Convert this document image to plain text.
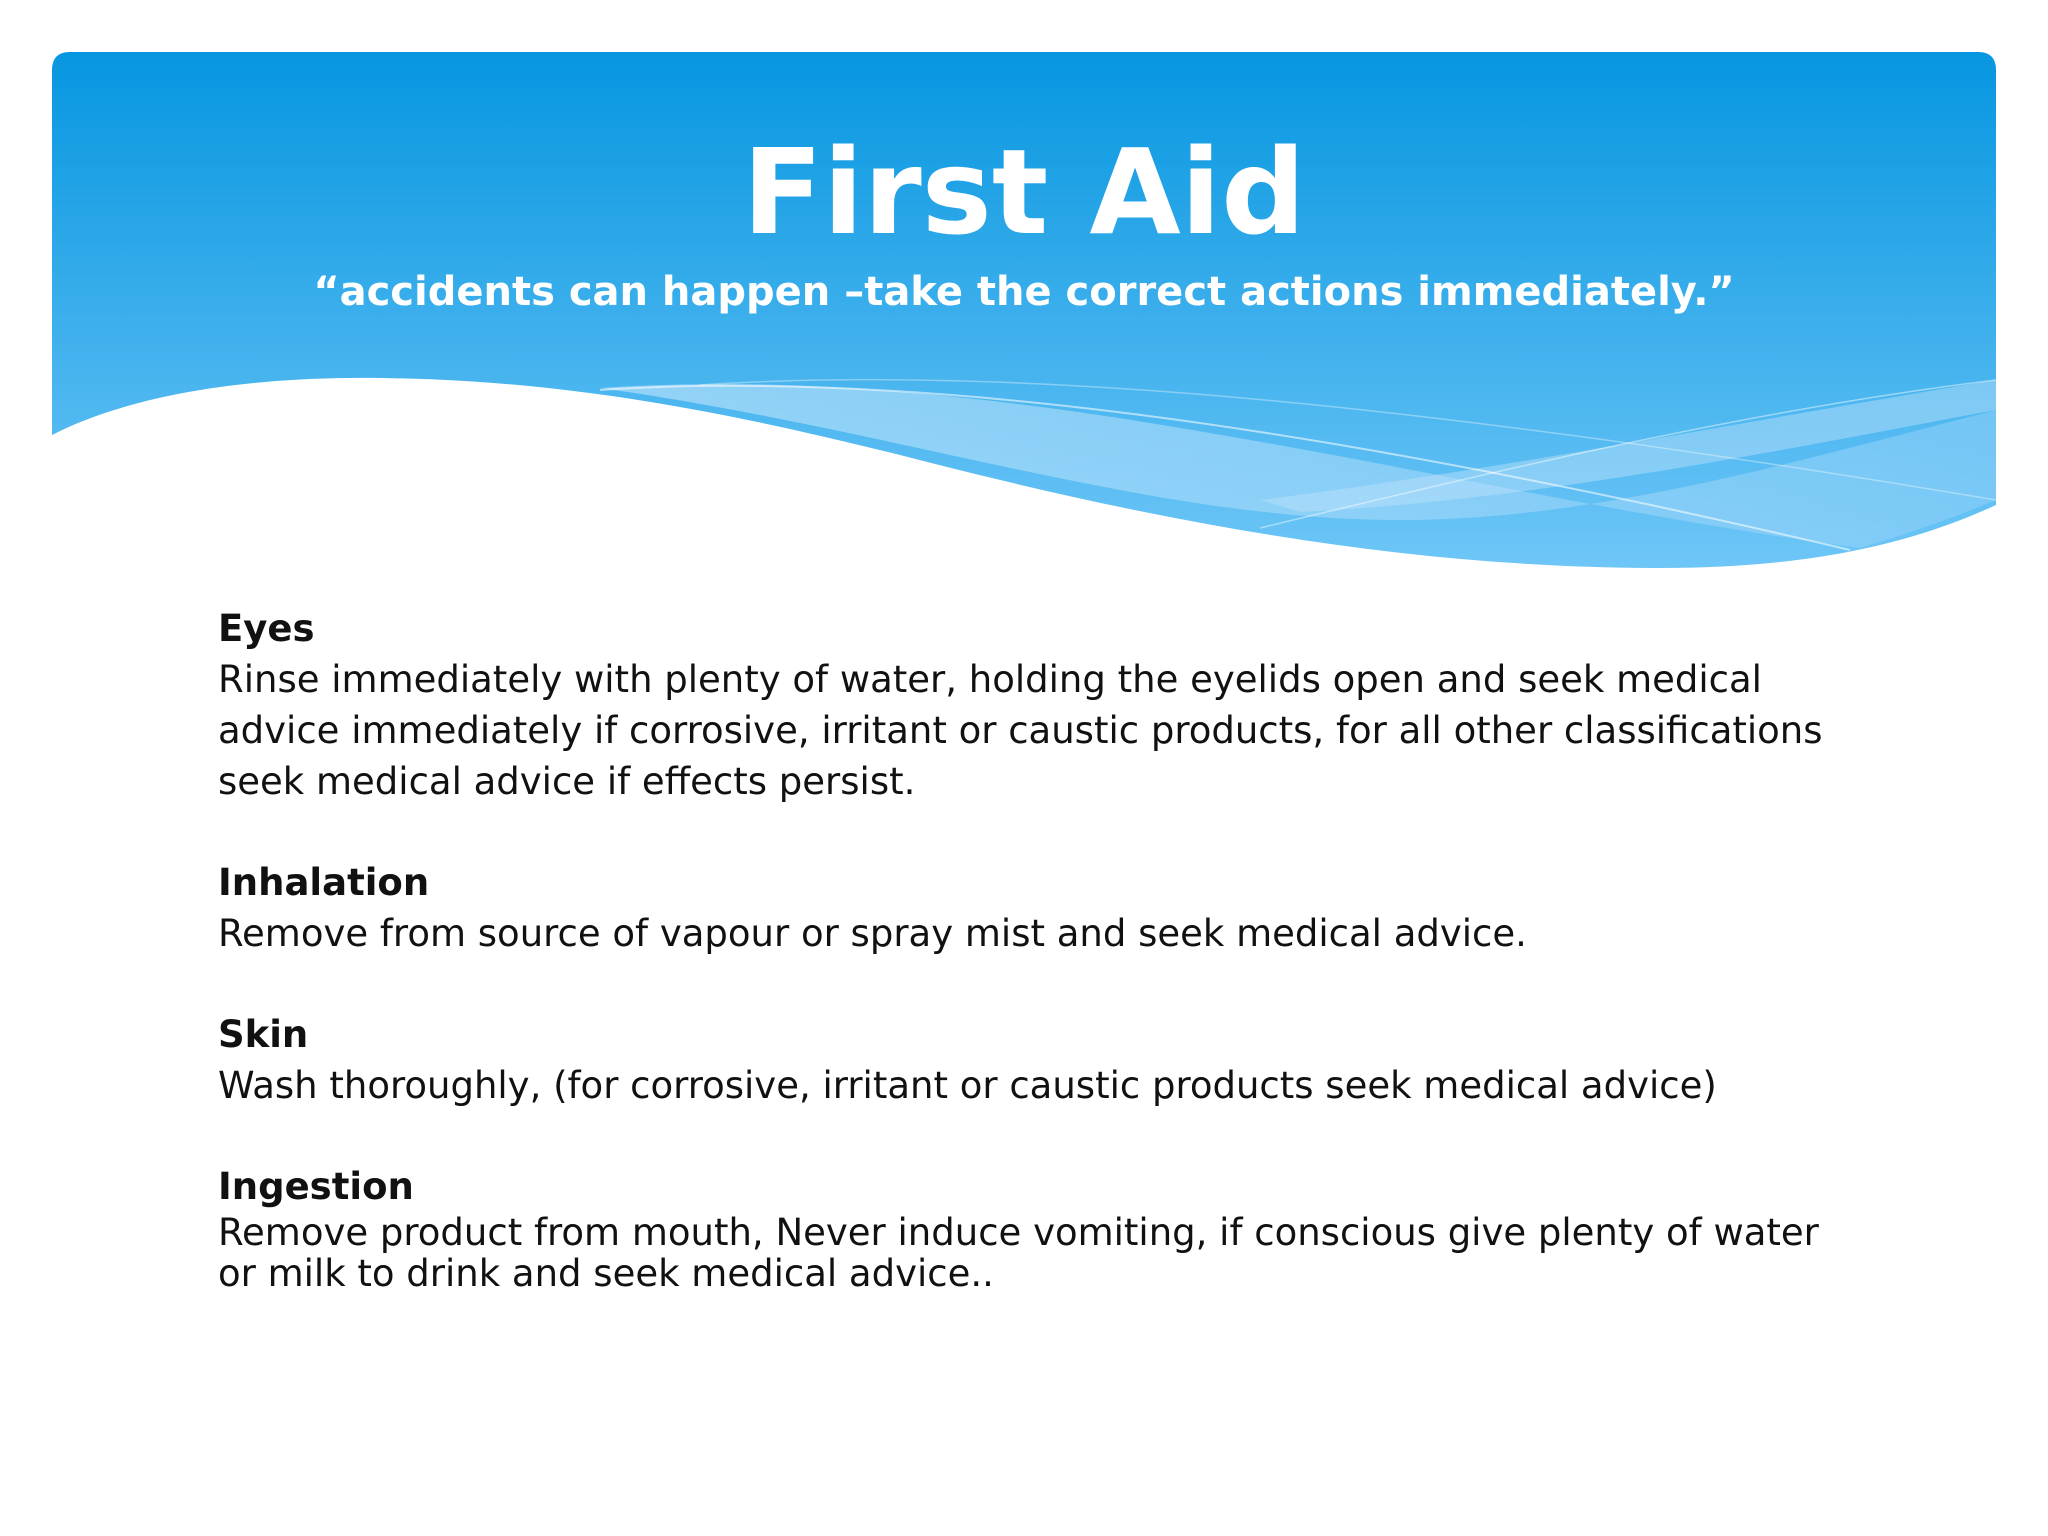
First Aid

“accidents can happen –take the correct actions immediately.”

Eyes

Rinse immediately with plenty of water, holding the eyelids open and seek medical advice immediately if corrosive, irritant or caustic products, for all other classifications seek medical advice if effects persist.

Inhalation

Remove from source of vapour or spray mist and seek medical advice.

Skin

Wash thoroughly, (for corrosive, irritant or caustic products seek medical advice)

Ingestion

Remove product from mouth, Never induce vomiting, if conscious give plenty of water or milk to drink and seek medical advice..
